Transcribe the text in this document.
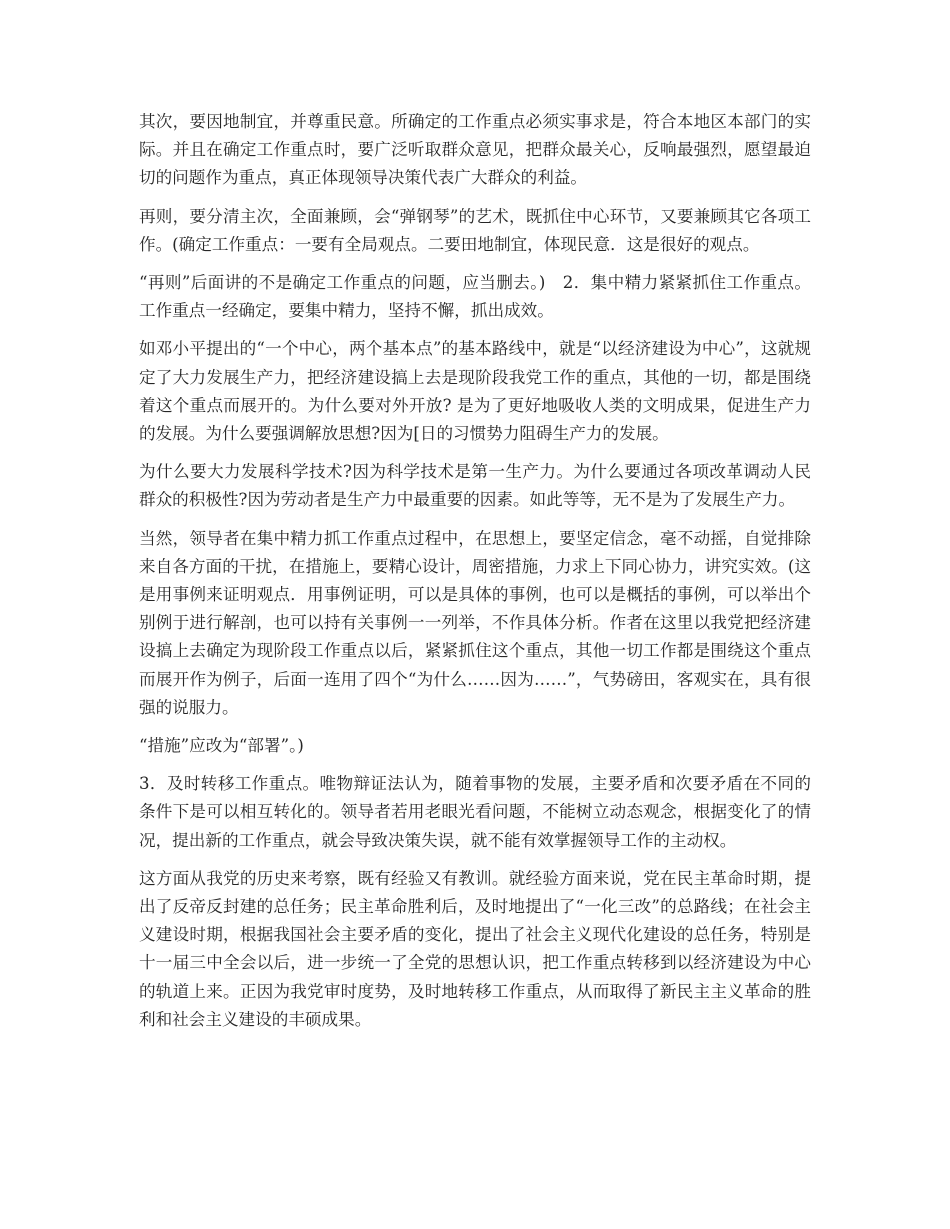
其次，要因地制宜，并尊重民意。所确定的工作重点必须实事求是，符合本地区本部门的实际。并且在确定工作重点时，要广泛听取群众意见，把群众最关心，反响最强烈，愿望最迫切的问题作为重点，真正体现领导决策代表广大群众的利益。

再则，要分清主次，全面兼顾，会“弹钢琴”的艺术，既抓住中心环节，又要兼顾其它各项工作。(确定工作重点：一要有全局观点。二要田地制宜，体现民意．这是很好的观点。

“再则”后面讲的不是确定工作重点的问题，应当删去。)　2．集中精力紧紧抓住工作重点。工作重点一经确定，要集中精力，坚持不懈，抓出成效。

如邓小平提出的“一个中心，两个基本点”的基本路线中，就是“以经济建设为中心”，这就规定了大力发展生产力，把经济建设搞上去是现阶段我党工作的重点，其他的一切，都是围绕着这个重点而展开的。为什么要对外开放? 是为了更好地吸收人类的文明成果，促进生产力的发展。为什么要强调解放思想?因为[日的习惯势力阻碍生产力的发展。

为什么要大力发展科学技术?因为科学技术是第一生产力。为什么要通过各项改革调动人民群众的积极性?因为劳动者是生产力中最重要的因素。如此等等，无不是为了发展生产力。

当然，领导者在集中精力抓工作重点过程中，在思想上，要坚定信念，毫不动摇，自觉排除来自各方面的干扰，在措施上，要精心设计，周密措施，力求上下同心协力，讲究实效。(这是用事例来证明观点．用事例证明，可以是具体的事例，也可以是概括的事例，可以举出个别例于进行解剖，也可以持有关事例一一列举，不作具体分析。作者在这里以我党把经济建设搞上去确定为现阶段工作重点以后，紧紧抓住这个重点，其他一切工作都是围绕这个重点而展开作为例子，后面一连用了四个“为什么……因为……”，气势磅田，客观实在，具有很强的说服力。

“措施”应改为“部署”。)

3．及时转移工作重点。唯物辩证法认为，随着事物的发展，主要矛盾和次要矛盾在不同的条件下是可以相互转化的。领导者若用老眼光看问题，不能树立动态观念，根据变化了的情况，提出新的工作重点，就会导致决策失误，就不能有效掌握领导工作的主动权。

这方面从我党的历史来考察，既有经验又有教训。就经验方面来说，党在民主革命时期，提出了反帝反封建的总任务；民主革命胜利后，及时地提出了“一化三改”的总路线；在社会主义建设时期，根据我国社会主要矛盾的变化，提出了社会主义现代化建设的总任务，特别是十一届三中全会以后，进一步统一了全党的思想认识，把工作重点转移到以经济建设为中心的轨道上来。正因为我党审时度势，及时地转移工作重点，从而取得了新民主主义革命的胜利和社会主义建设的丰硕成果。
